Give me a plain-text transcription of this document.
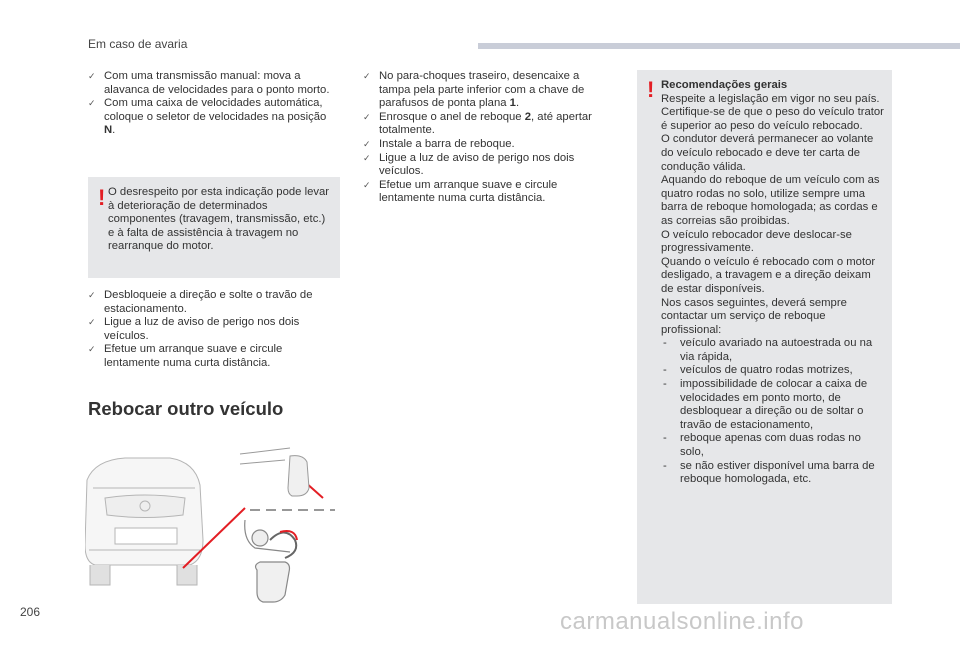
Em caso de avaria
✓ Com uma transmissão manual: mova a alavanca de velocidades para o ponto morto.
✓ Com uma caixa de velocidades automática, coloque o seletor de velocidades na posição N.
! O desrespeito por esta indicação pode levar à deterioração de determinados componentes (travagem, transmissão, etc.) e à falta de assistência à travagem no rearranque do motor.
✓ Desbloqueie a direção e solte o travão de estacionamento.
✓ Ligue a luz de aviso de perigo nos dois veículos.
✓ Efetue um arranque suave e circule lentamente numa curta distância.
Rebocar outro veículo
✓ No para-choques traseiro, desencaixe a tampa pela parte inferior com a chave de parafusos de ponta plana 1.
✓ Enrosque o anel de reboque 2, até apertar totalmente.
✓ Instale a barra de reboque.
✓ Ligue a luz de aviso de perigo nos dois veículos.
✓ Efetue um arranque suave e circule lentamente numa curta distância.
! Recomendações gerais
Respeite a legislação em vigor no seu país.
Certifique-se de que o peso do veículo trator é superior ao peso do veículo rebocado.
O condutor deverá permanecer ao volante do veículo rebocado e deve ter carta de condução válida.
Aquando do reboque de um veículo com as quatro rodas no solo, utilize sempre uma barra de reboque homologada; as cordas e as correias são proibidas.
O veículo rebocador deve deslocar-se progressivamente.
Quando o veículo é rebocado com o motor desligado, a travagem e a direção deixam de estar disponíveis.
Nos casos seguintes, deverá sempre contactar um serviço de reboque profissional:
- veículo avariado na autoestrada ou na via rápida,
- veículos de quatro rodas motrizes,
- impossibilidade de colocar a caixa de velocidades em ponto morto, de desbloquear a direção ou de soltar o travão de estacionamento,
- reboque apenas com duas rodas no solo,
- se não estiver disponível uma barra de reboque homologada, etc.
206	carmanualsonline.info
